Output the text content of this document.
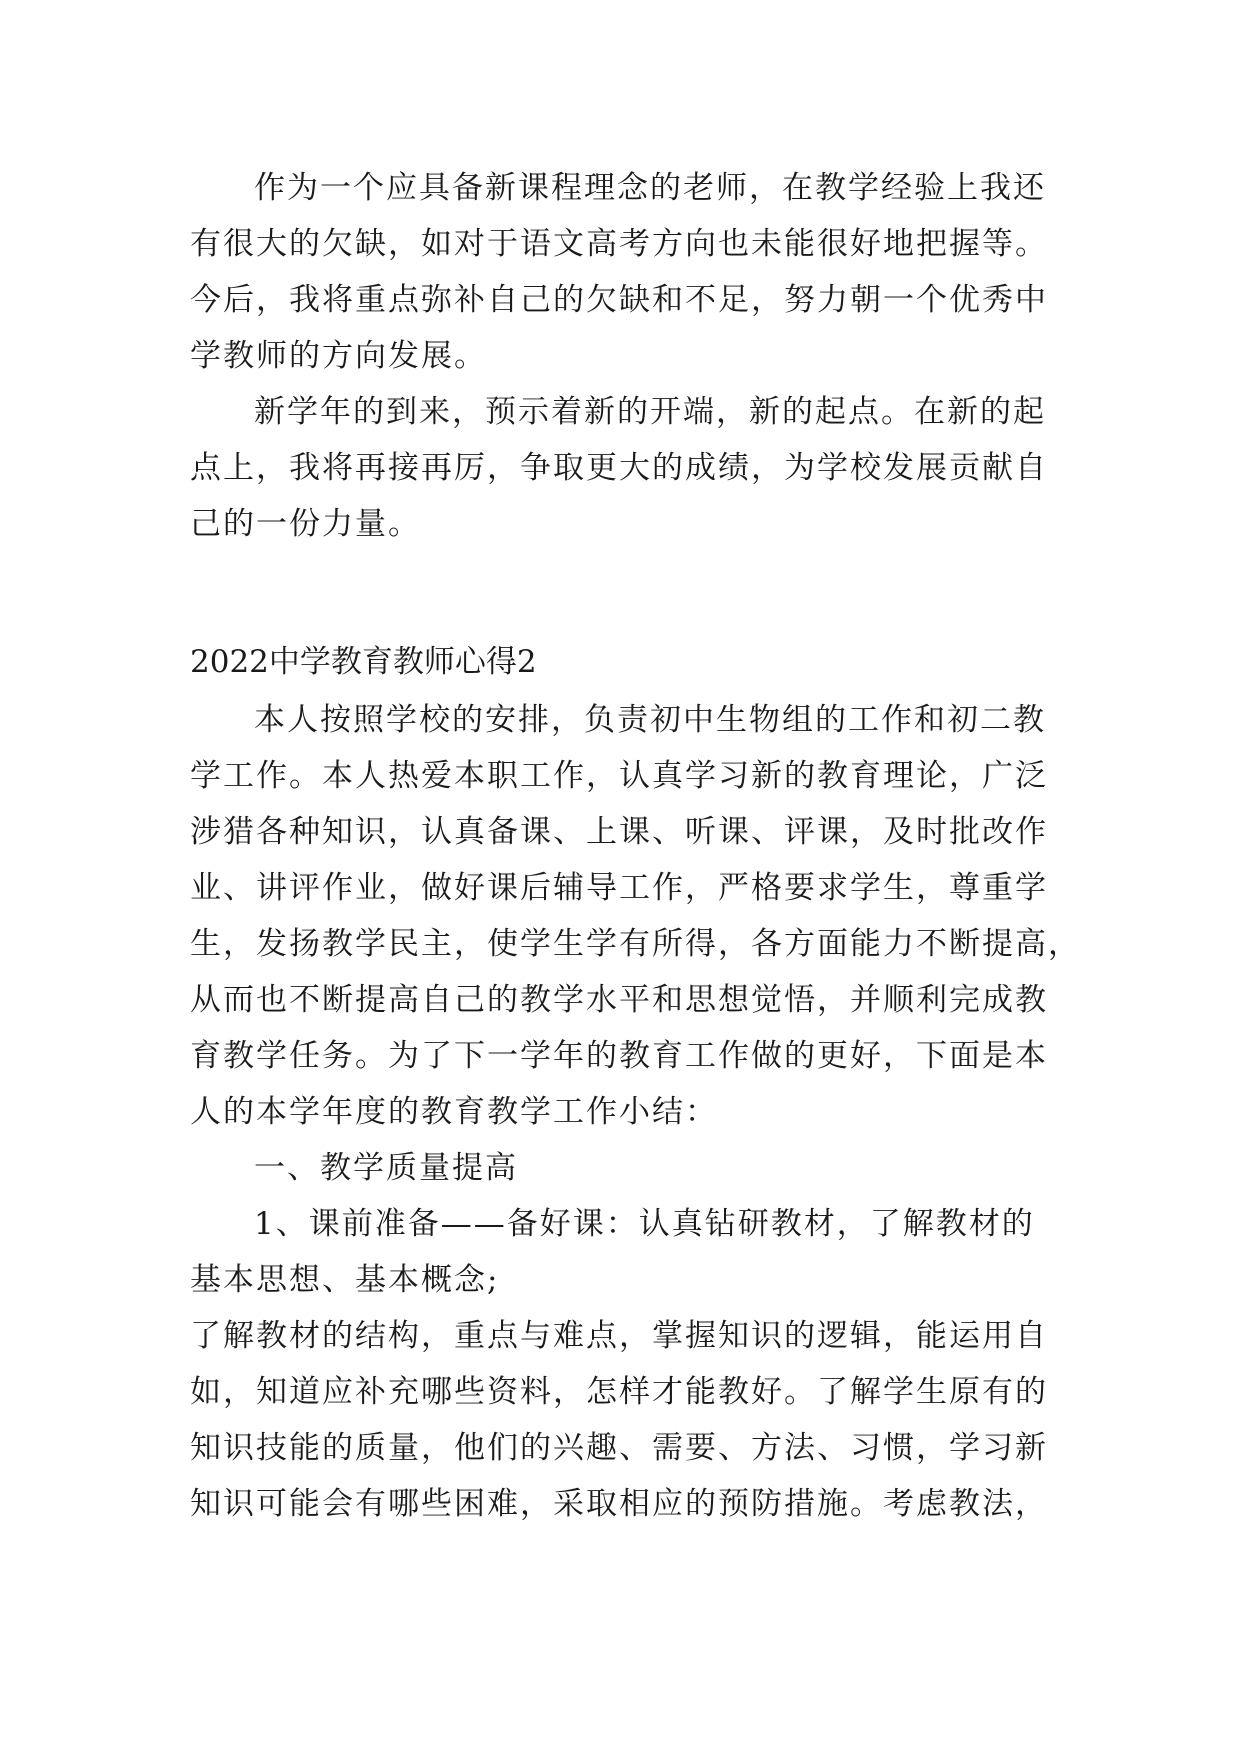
作为一个应具备新课程理念的老师，在教学经验上我还
有很大的欠缺，如对于语文高考方向也未能很好地把握等。
今后，我将重点弥补自己的欠缺和不足，努力朝一个优秀中
学教师的方向发展。
新学年的到来，预示着新的开端，新的起点。在新的起
点上，我将再接再厉，争取更大的成绩，为学校发展贡献自
己的一份力量。
2022中学教育教师心得2
本人按照学校的安排，负责初中生物组的工作和初二教
学工作。本人热爱本职工作，认真学习新的教育理论，广泛
涉猎各种知识，认真备课、上课、听课、评课，及时批改作
业、讲评作业，做好课后辅导工作，严格要求学生，尊重学
生，发扬教学民主，使学生学有所得，各方面能力不断提高，
从而也不断提高自己的教学水平和思想觉悟，并顺利完成教
育教学任务。为了下一学年的教育工作做的更好，下面是本
人的本学年度的教育教学工作小结：
一、教学质量提高
1、课前准备——备好课：认真钻研教材，了解教材的
基本思想、基本概念;
了解教材的结构，重点与难点，掌握知识的逻辑，能运用自
如，知道应补充哪些资料，怎样才能教好。了解学生原有的
知识技能的质量，他们的兴趣、需要、方法、习惯，学习新
知识可能会有哪些困难，采取相应的预防措施。考虑教法，
